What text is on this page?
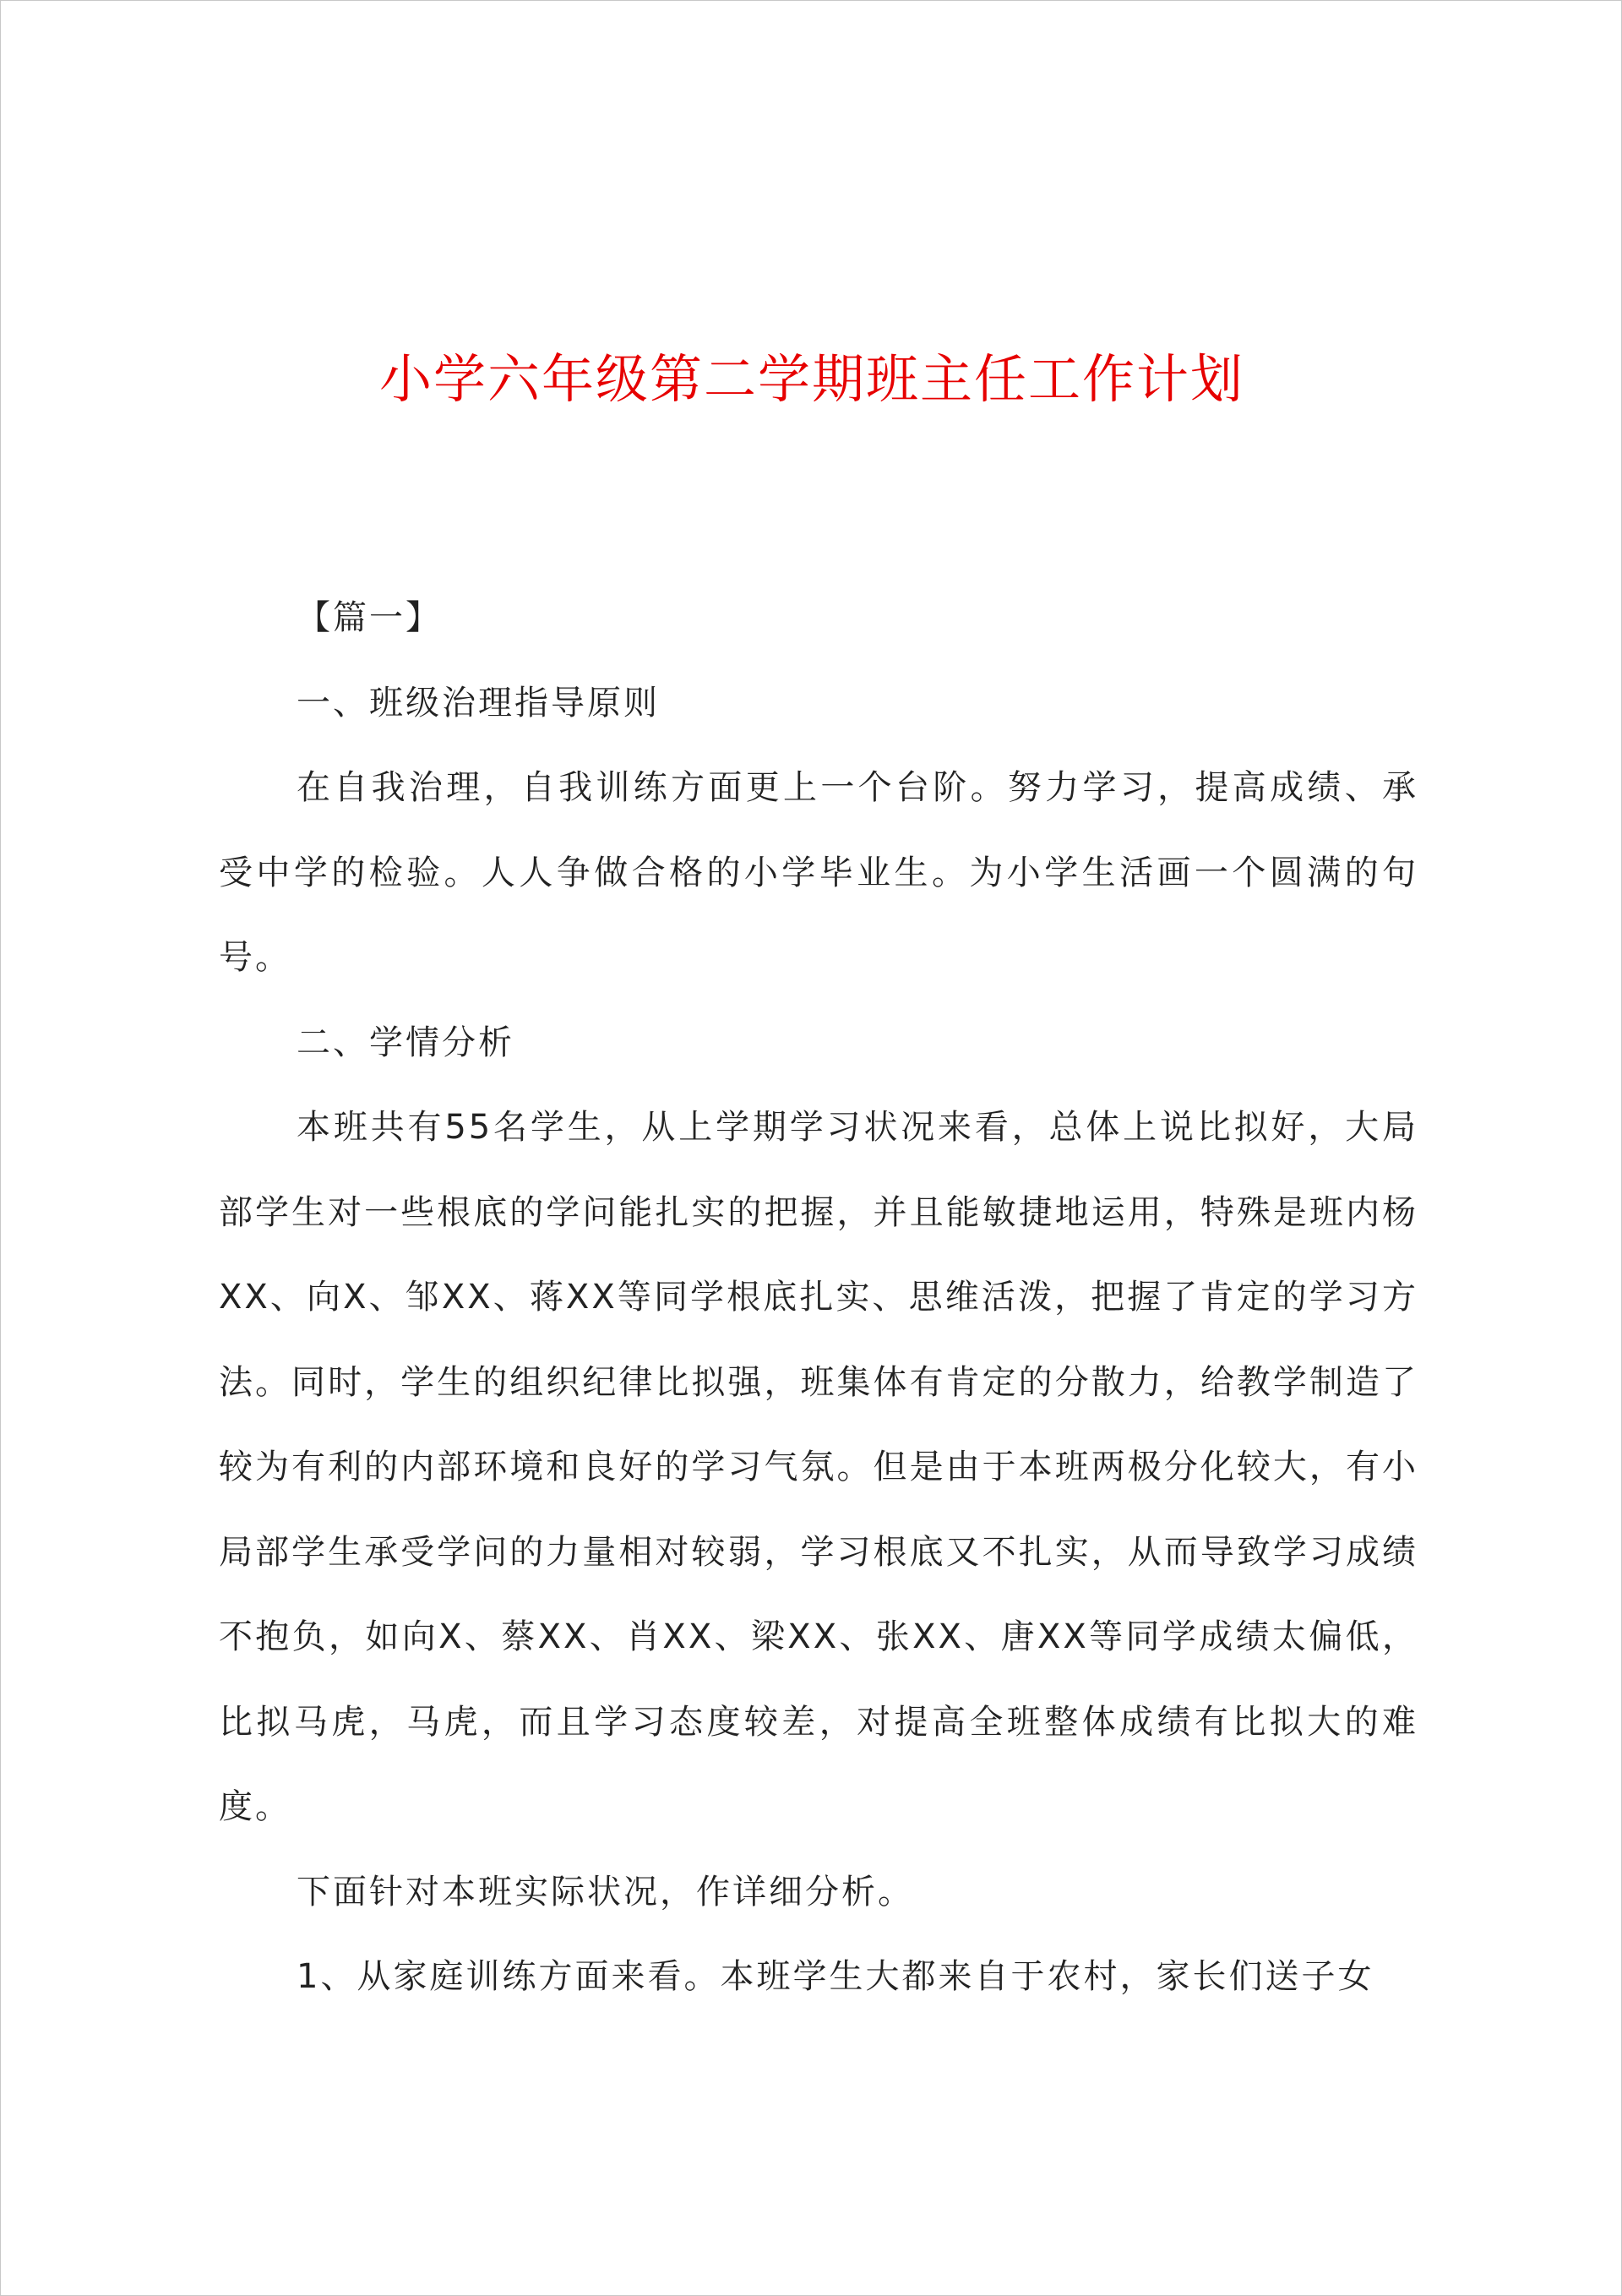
小学六年级第二学期班主任工作计划

【篇一】

一、班级治理指导原则

在自我治理，自我训练方面更上一个台阶。努力学习，提高成绩、承受中学的检验。人人争做合格的小学毕业生。为小学生活画一个圆满的句号。

二、学情分析

本班共有55名学生，从上学期学习状况来看，总体上说比拟好，大局部学生对一些根底的学问能扎实的把握，并且能敏捷地运用，特殊是班内杨XX、向X、邹XX、蒋XX等同学根底扎实、思维活泼，把握了肯定的学习方法。同时，学生的组织纪律比拟强，班集体有肯定的分散力，给教学制造了较为有利的内部环境和良好的学习气氛。但是由于本班两极分化较大，有小局部学生承受学问的力量相对较弱，学习根底又不扎实，从而导致学习成绩不抱负，如向X、蔡XX、肖XX、梁XX、张XX、唐XX等同学成绩太偏低，比拟马虎，马虎，而且学习态度较差，对提高全班整体成绩有比拟大的难度。

下面针对本班实际状况，作详细分析。

1、从家庭训练方面来看。本班学生大都来自于农村，家长们送子女
